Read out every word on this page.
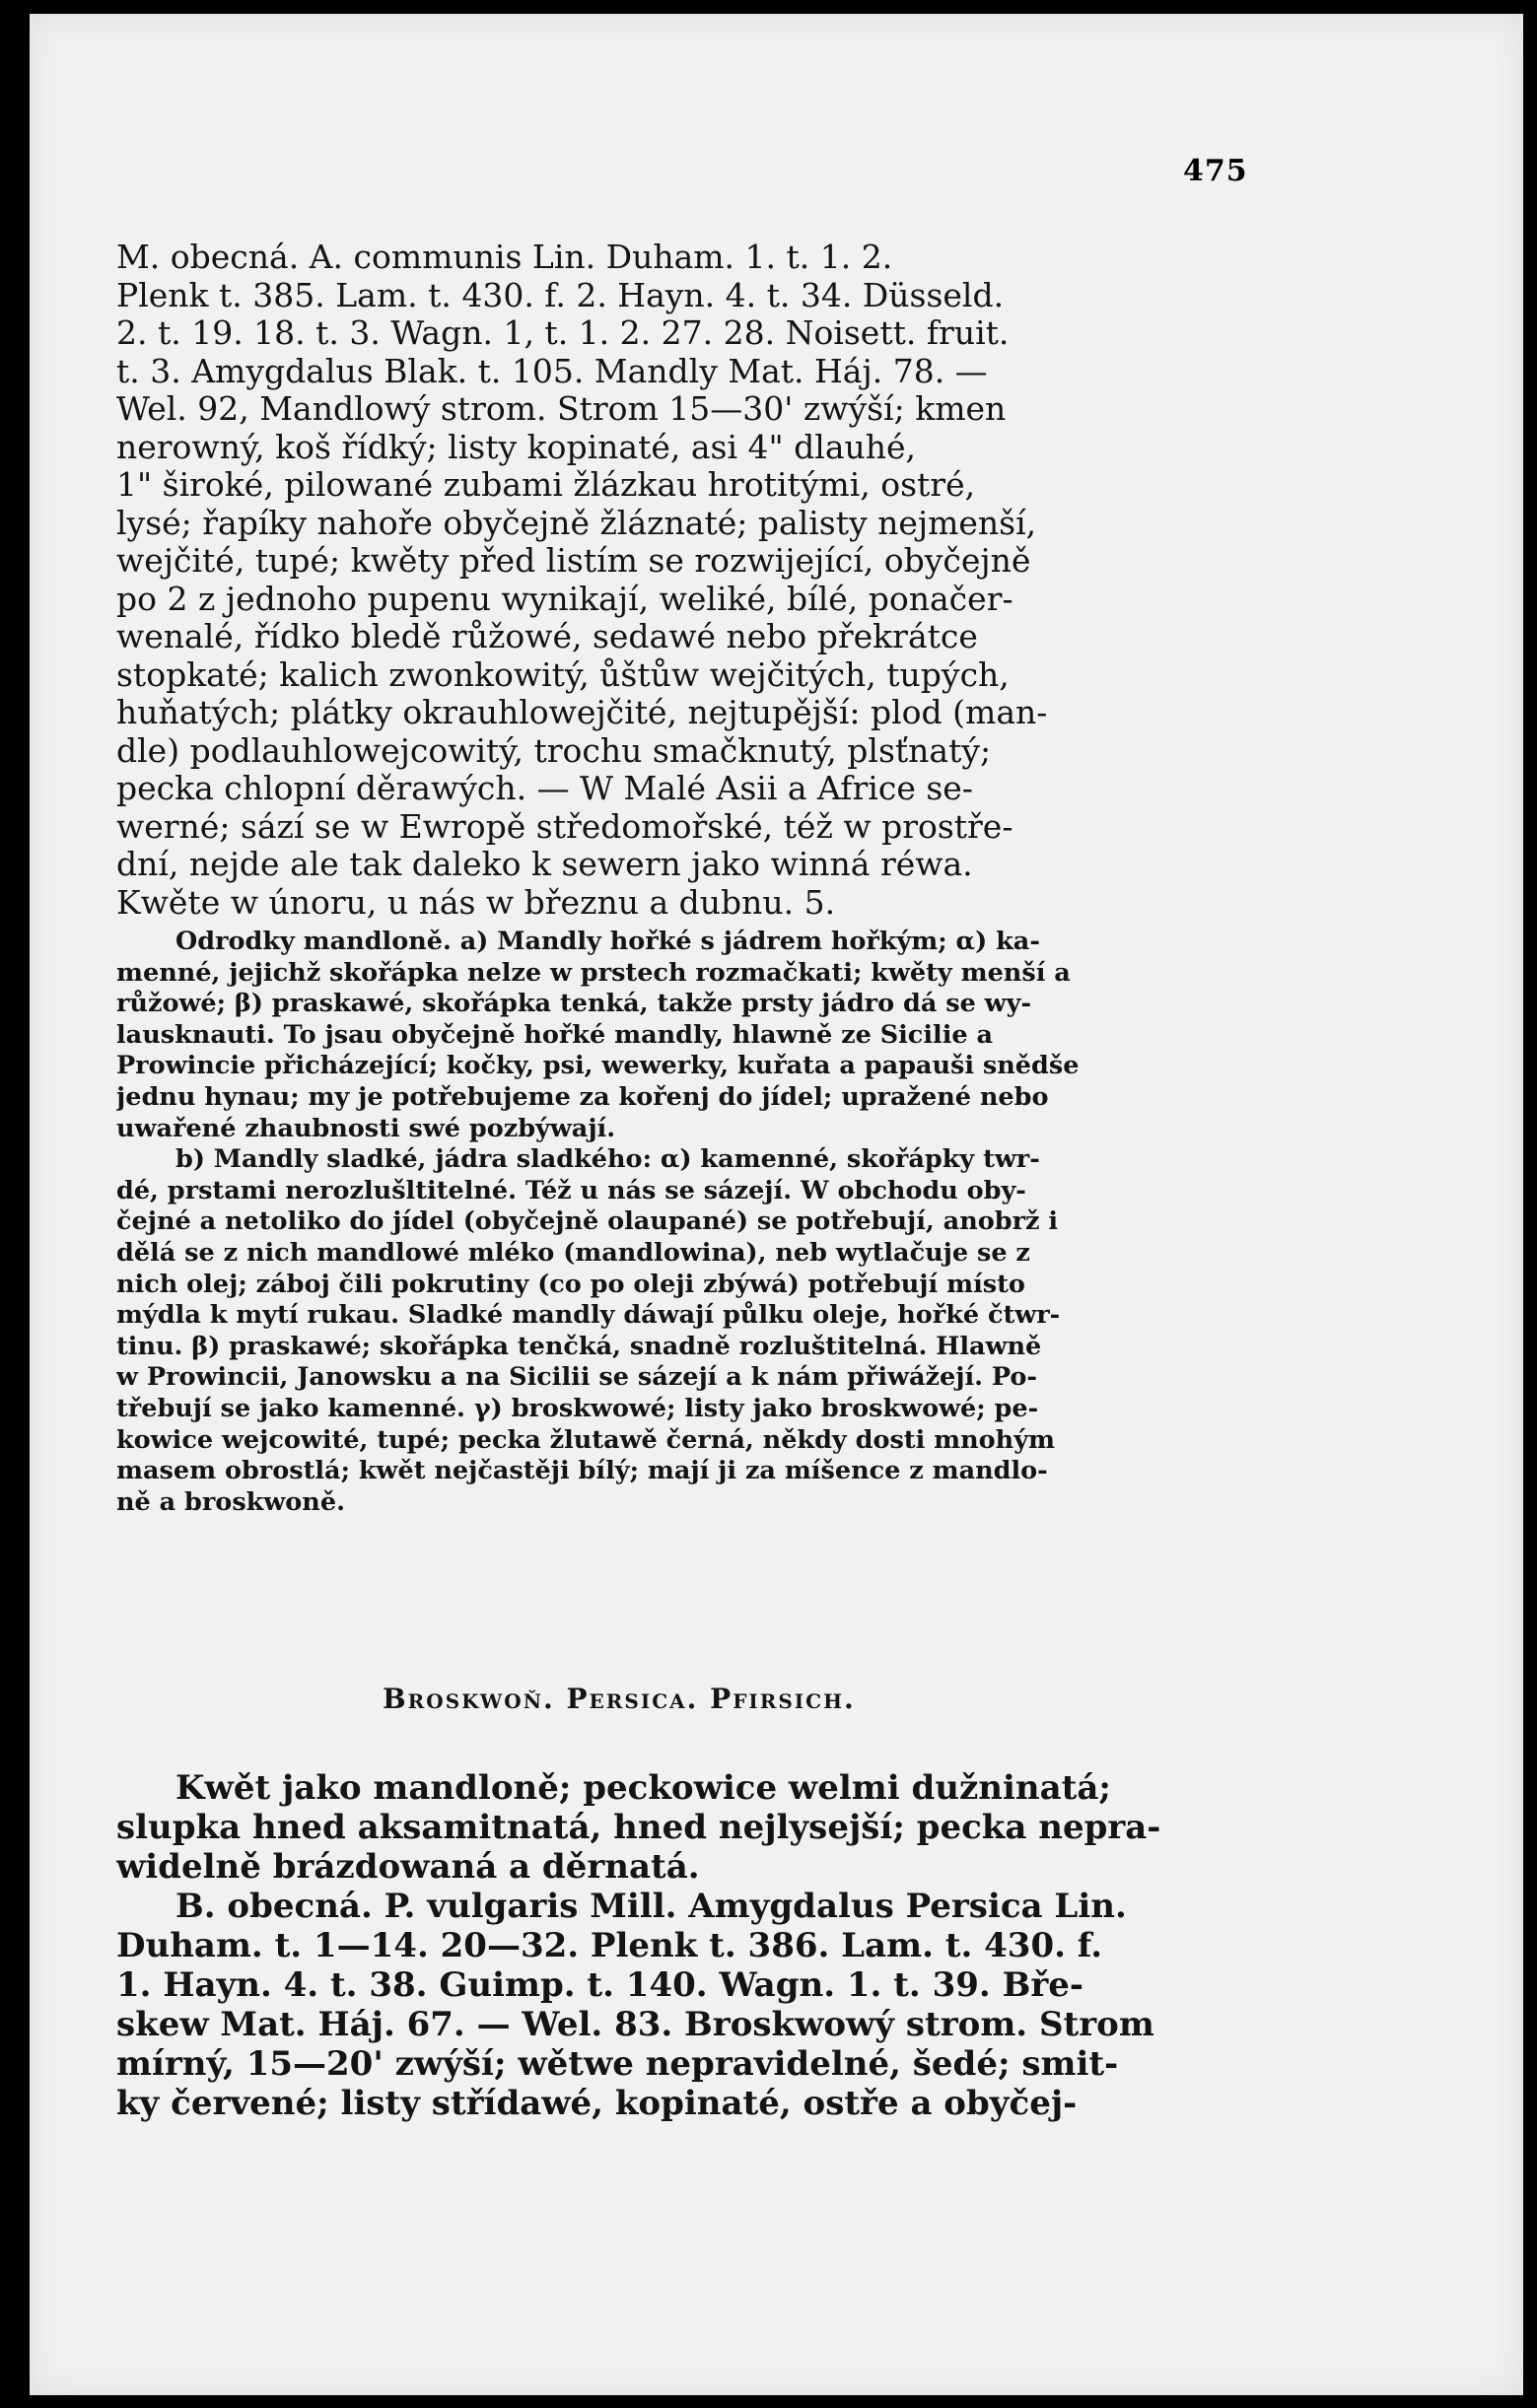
475
M. obecná. A. communis Lin. Duham. 1. t. 1. 2.
Plenk t. 385. Lam. t. 430. f. 2. Hayn. 4. t. 34. Düsseld.
2. t. 19. 18. t. 3. Wagn. 1, t. 1. 2. 27. 28. Noisett. fruit.
t. 3. Amygdalus Blak. t. 105. Mandly Mat. Háj. 78. —
Wel. 92, Mandlowý strom. Strom 15—30' zwýší; kmen
nerowný, koš řídký; listy kopinaté, asi 4" dlauhé,
1" široké, pilowané zubami žlázkau hrotitými, ostré,
lysé; řapíky nahoře obyčejně žláznaté; palisty nejmenší,
wejčité, tupé; kwěty před listím se rozwijející, obyčejně
po 2 z jednoho pupenu wynikají, weliké, bílé, ponačer-
wenalé, řídko bledě růžowé, sedawé nebo překrátce
stopkaté; kalich zwonkowitý, ůštůw wejčitých, tupých,
huňatých; plátky okrauhlowejčité, nejtupější: plod (man-
dle) podlauhlowejcowitý, trochu smačknutý, plsťnatý;
pecka chlopní děrawých. — W Malé Asii a Africe se-
werné; sází se w Ewropě středomořské, též w prostře-
dní, nejde ale tak daleko k sewern jako winná réwa.
Kwěte w únoru, u nás w březnu a dubnu. 5.
Odrodky mandloně. a) Mandly hořké s jádrem hořkým; α) ka-
menné, jejichž skořápka nelze w prstech rozmačkati; kwěty menší a
růžowé; β) praskawé, skořápka tenká, takže prsty jádro dá se wy-
lausknauti. To jsau obyčejně hořké mandly, hlawně ze Sicilie a
Prowincie přicházející; kočky, psi, wewerky, kuřata a papauši snědše
jednu hynau; my je potřebujeme za kořenj do jídel; upražené nebo
uwařené zhaubnosti swé pozbýwají.
b) Mandly sladké, jádra sladkého: α) kamenné, skořápky twr-
dé, prstami nerozlušltitelné. Též u nás se sázejí. W obchodu oby-
čejné a netoliko do jídel (obyčejně olaupané) se potřebují, anobrž i
dělá se z nich mandlowé mléko (mandlowina), neb wytlačuje se z
nich olej; záboj čili pokrutiny (co po oleji zbýwá) potřebují místo
mýdla k mytí rukau. Sladké mandly dáwají půlku oleje, hořké čtwr-
tinu. β) praskawé; skořápka tenčká, snadně rozluštitelná. Hlawně
w Prowincii, Janowsku a na Sicilii se sázejí a k nám přiwážejí. Po-
třebují se jako kamenné. γ) broskwowé; listy jako broskwowé; pe-
kowice wejcowité, tupé; pecka žlutawě černá, někdy dosti mnohým
masem obrostlá; kwět nejčastěji bílý; mají ji za míšence z mandlo-
ně a broskwoně.
Broskwoň. Persica. Pfirsich.
Kwět jako mandloně; peckowice welmi dužninatá;
slupka hned aksamitnatá, hned nejlysejší; pecka nepra-
widelně brázdowaná a děrnatá.
B. obecná. P. vulgaris Mill. Amygdalus Persica Lin.
Duham. t. 1—14. 20—32. Plenk t. 386. Lam. t. 430. f.
1. Hayn. 4. t. 38. Guimp. t. 140. Wagn. 1. t. 39. Bře-
skew Mat. Háj. 67. — Wel. 83. Broskwowý strom. Strom
mírný, 15—20' zwýší; wětwe nepravidelné, šedé; smit-
ky červené; listy střídawé, kopinaté, ostře a obyčej-
